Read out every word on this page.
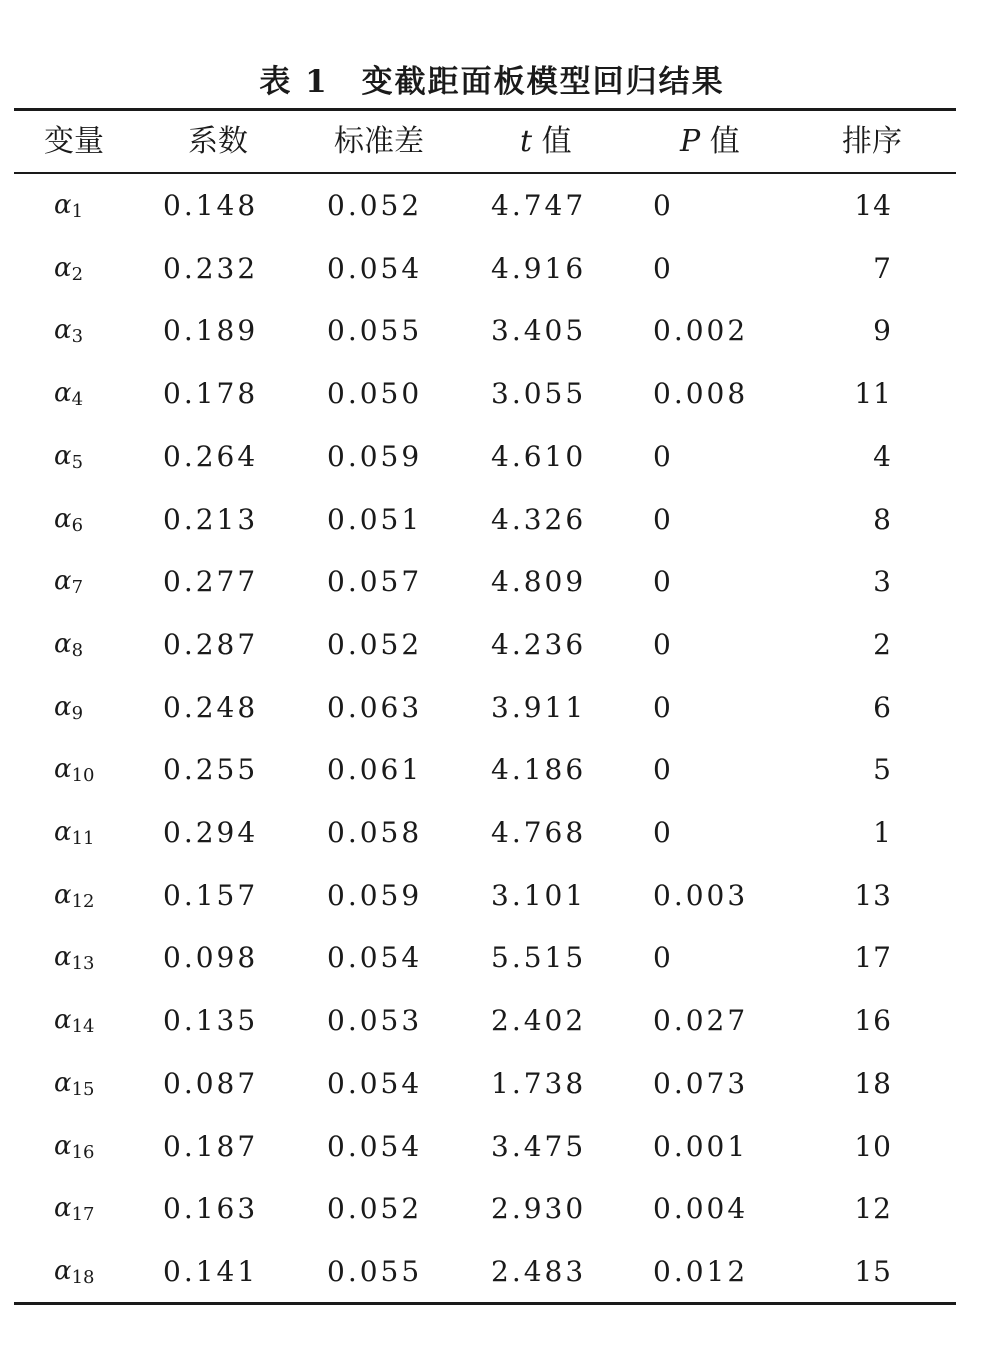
表 1　变截距面板模型回归结果
变量	系数	标准差	t 值	P 值	排序
$\alpha_1$	0.148 0.052 4.747 0	14
$\alpha_2$	0.232 0.054 4.916 0	7
$\alpha_3$	0.189 0.055 3.405 0.002	9
$\alpha_4$	0.178 0.050 3.055 0.008	11
$\alpha_5$	0.264 0.059 4.610 0	4
$\alpha_6$	0.213 0.051 4.326 0	8
$\alpha_7$	0.277 0.057 4.809 0	3
$\alpha_8$	0.287 0.052 4.236 0	2
$\alpha_9$	0.248 0.063 3.911 0	6
$\alpha_{10}$ 0.255 0.061 4.186 0	5
$\alpha_{11}$ 0.294 0.058 4.768 0	1
$\alpha_{12}$ 0.157 0.059 3.101 0.003	13
$\alpha_{13}$ 0.098 0.054 5.515 0	17
$\alpha_{14}$ 0.135 0.053 2.402 0.027	16
$\alpha_{15}$ 0.087 0.054 1.738 0.073	18
$\alpha_{16}$ 0.187 0.054 3.475 0.001	10
$\alpha_{17}$ 0.163 0.052 2.930 0.004	12
$\alpha_{18}$ 0.141 0.055 2.483 0.012	15
